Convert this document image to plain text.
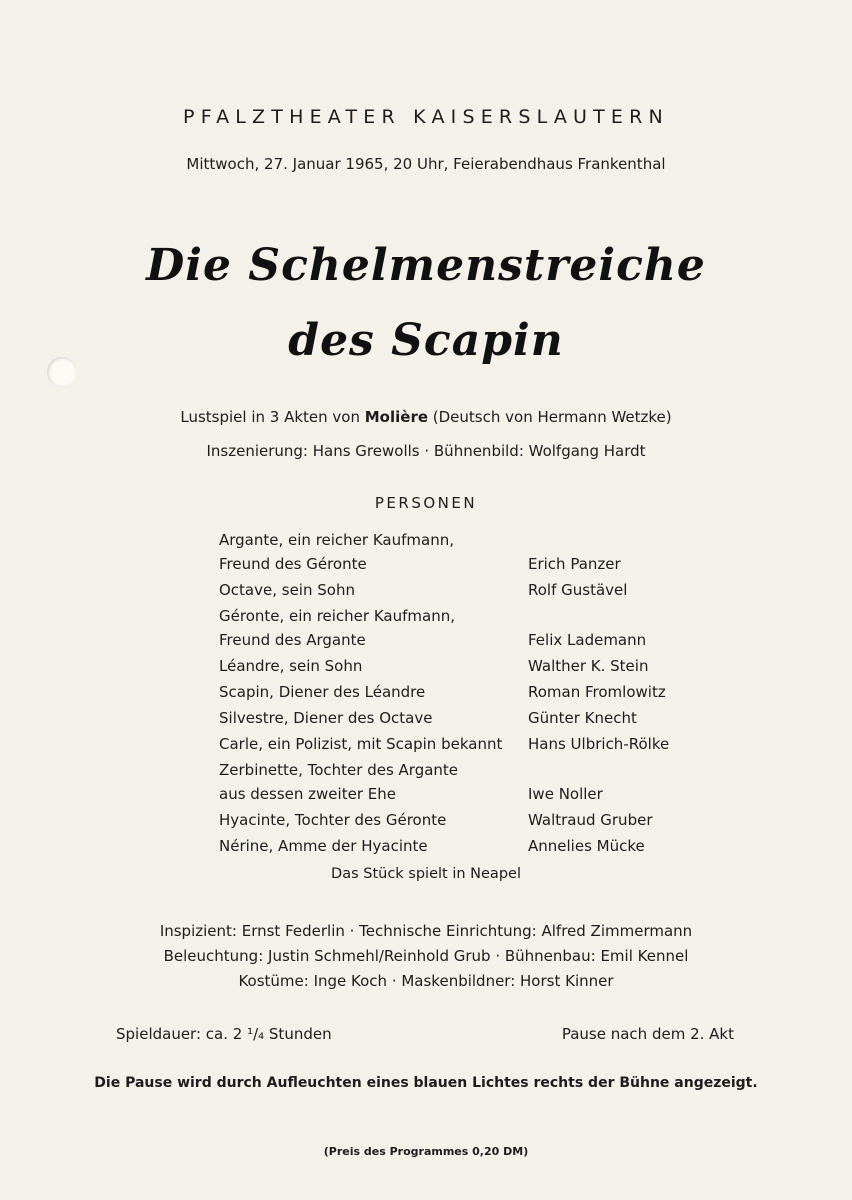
PFALZTHEATER KAISERSLAUTERN
Mittwoch, 27. Januar 1965, 20 Uhr, Feierabendhaus Frankenthal
Die Schelmenstreiche
des Scapin
Lustspiel in 3 Akten von Molière (Deutsch von Hermann Wetzke)
Inszenierung: Hans Grewolls · Bühnenbild: Wolfgang Hardt
PERSONEN
Argante, ein reicher Kaufmann,
Freund des Géronte	Erich Panzer
Octave, sein Sohn	Rolf Gustävel
Géronte, ein reicher Kaufmann,
Freund des Argante	Felix Lademann
Léandre, sein Sohn	Walther K. Stein
Scapin, Diener des Léandre	Roman Fromlowitz
Silvestre, Diener des Octave	Günter Knecht
Carle, ein Polizist, mit Scapin bekannt	Hans Ulbrich-Rölke
Zerbinette, Tochter des Argante
aus dessen zweiter Ehe	Iwe Noller
Hyacinte, Tochter des Géronte	Waltraud Gruber
Nérine, Amme der Hyacinte	Annelies Mücke
Das Stück spielt in Neapel
Inspizient: Ernst Federlin · Technische Einrichtung: Alfred Zimmermann
Beleuchtung: Justin Schmehl/Reinhold Grub · Bühnenbau: Emil Kennel
Kostüme: Inge Koch · Maskenbildner: Horst Kinner
Spieldauer: ca. 2 ¹/₄ Stunden	Pause nach dem 2. Akt
Die Pause wird durch Aufleuchten eines blauen Lichtes rechts der Bühne angezeigt.
(Preis des Programmes 0,20 DM)
